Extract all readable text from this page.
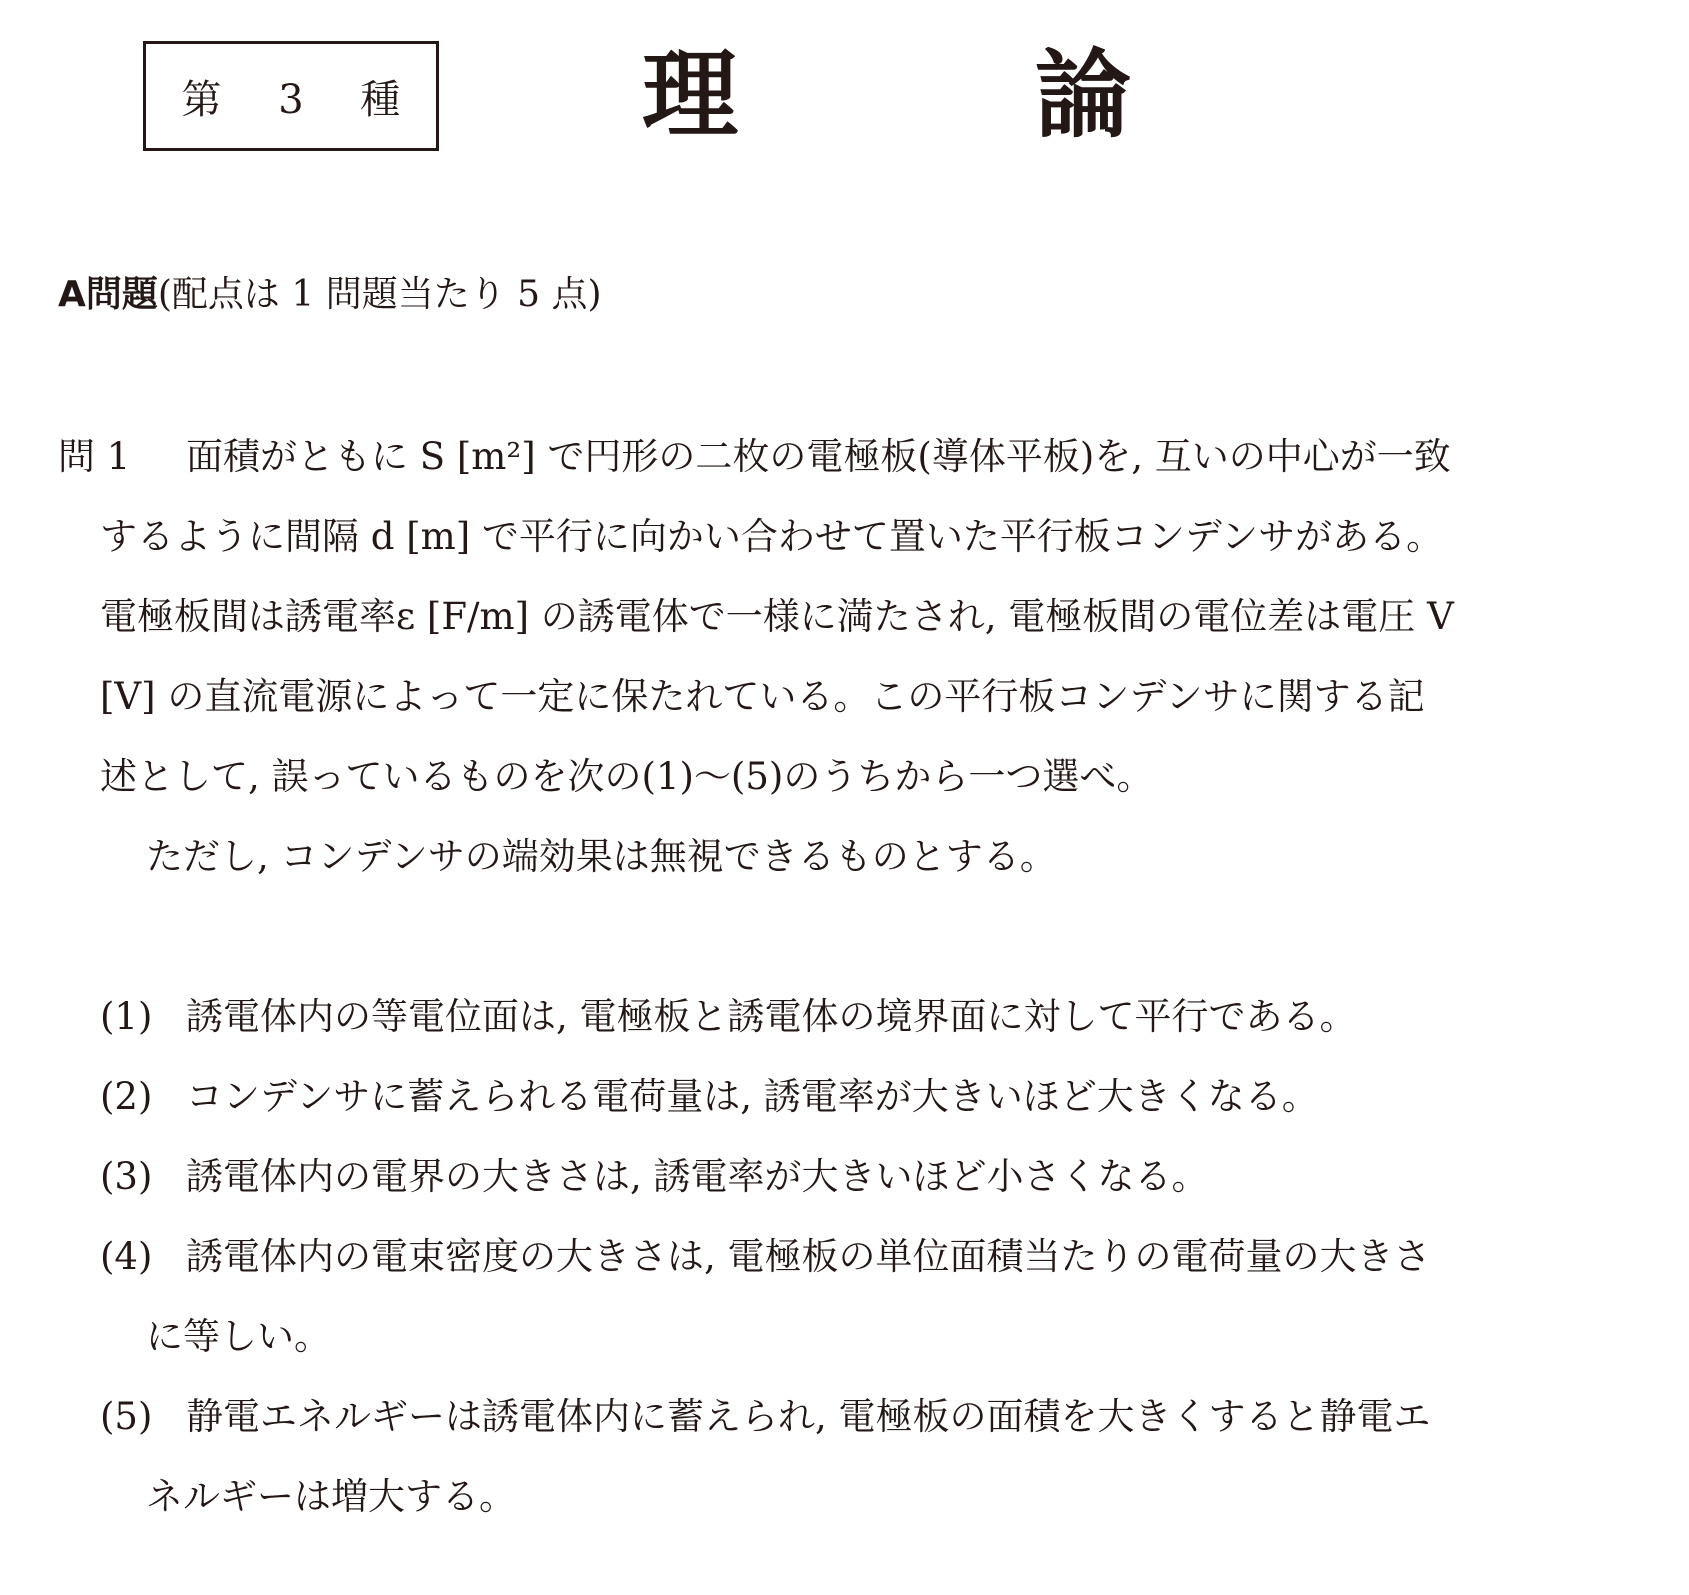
第 3 種 理	論
A問題(配点は 1 問題当たり 5 点)
問 1 面積がともに S [m²] で円形の二枚の電極板(導体平板)を, 互いの中心が一致
するように間隔 d [m] で平行に向かい合わせて置いた平行板コンデンサがある。
電極板間は誘電率ε [F/m] の誘電体で一様に満たされ, 電極板間の電位差は電圧 V
[V] の直流電源によって一定に保たれている。この平行板コンデンサに関する記
述として, 誤っているものを次の(1)〜(5)のうちから一つ選べ。
ただし, コンデンサの端効果は無視できるものとする。
(1) 誘電体内の等電位面は, 電極板と誘電体の境界面に対して平行である。
(2) コンデンサに蓄えられる電荷量は, 誘電率が大きいほど大きくなる。
(3) 誘電体内の電界の大きさは, 誘電率が大きいほど小さくなる。
(4) 誘電体内の電束密度の大きさは, 電極板の単位面積当たりの電荷量の大きさ
に等しい。
(5) 静電エネルギーは誘電体内に蓄えられ, 電極板の面積を大きくすると静電エ
ネルギーは増大する。
